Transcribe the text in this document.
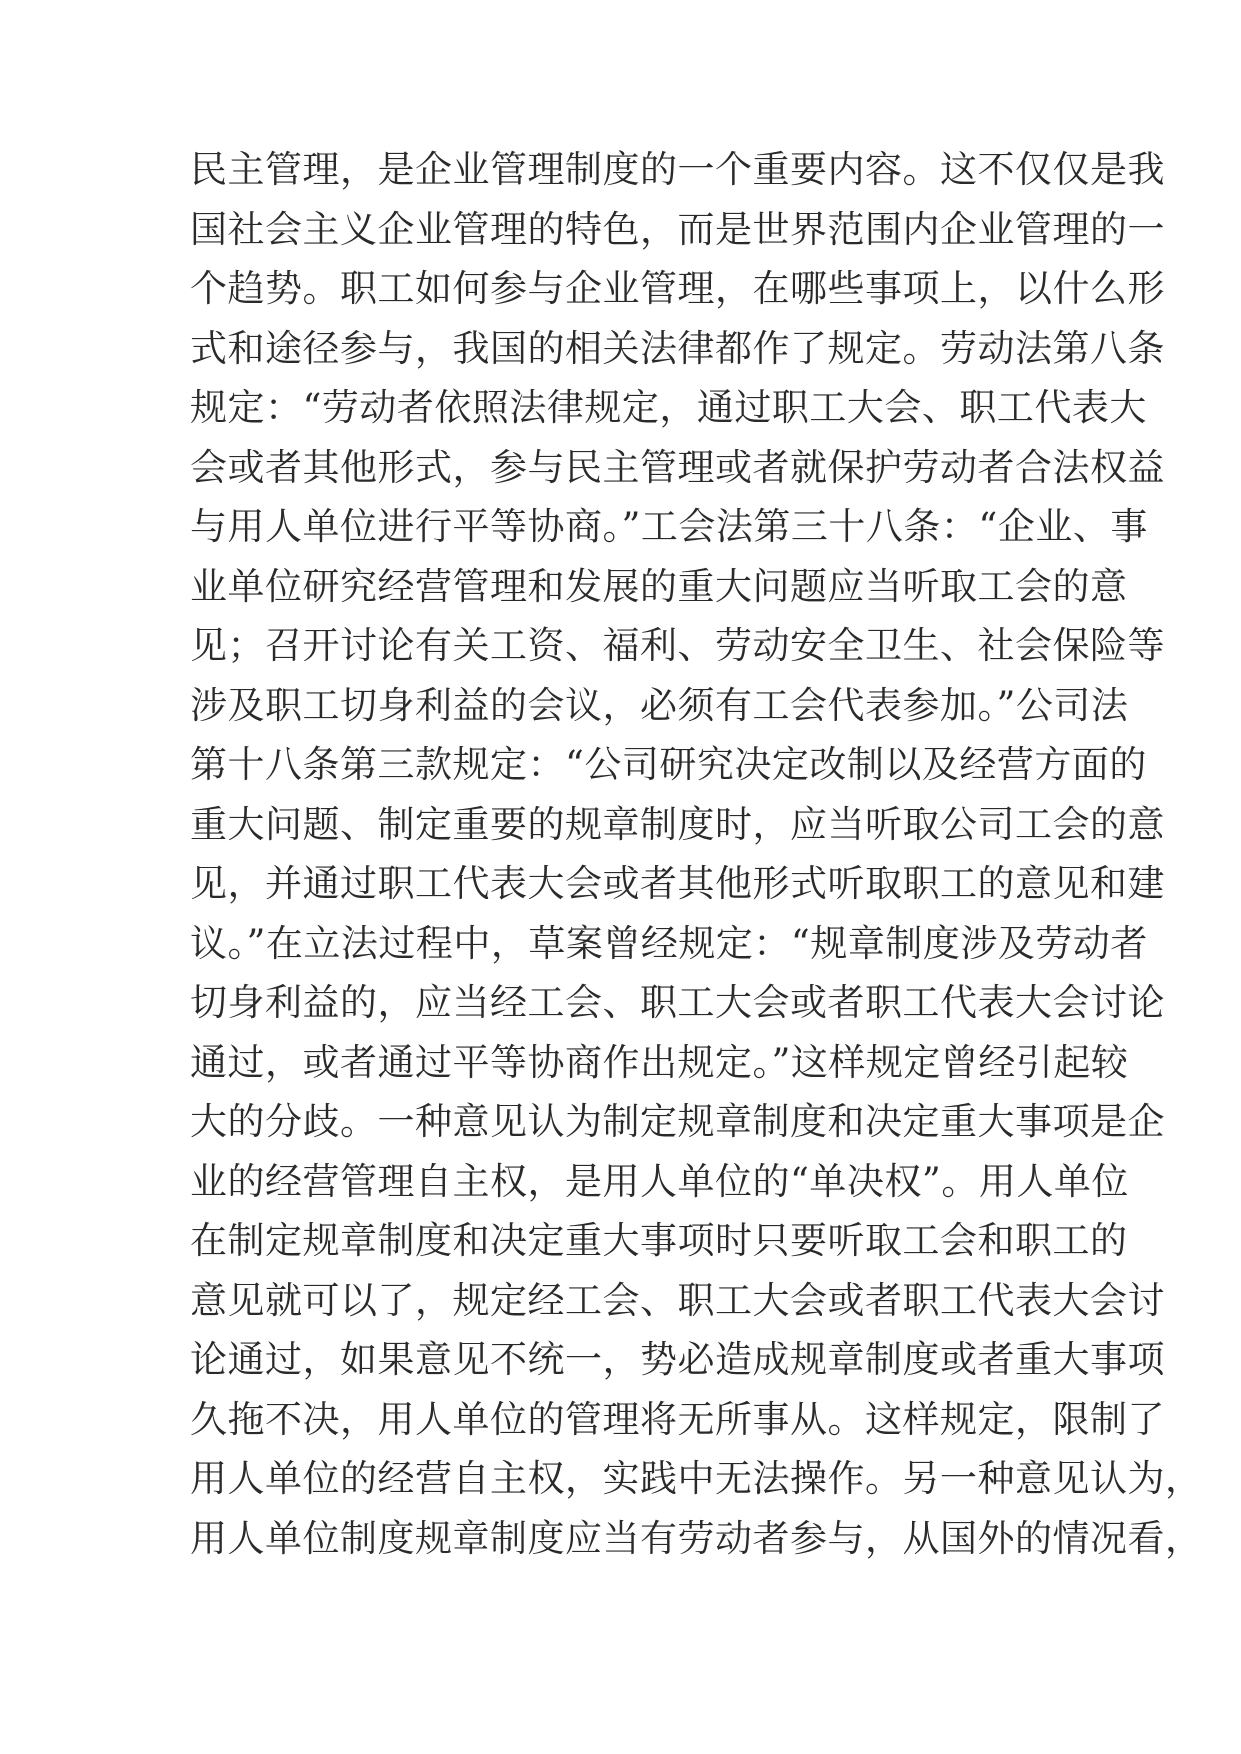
民主管理，是企业管理制度的一个重要内容。这不仅仅是我
国社会主义企业管理的特色，而是世界范围内企业管理的一
个趋势。职工如何参与企业管理，在哪些事项上，以什么形
式和途径参与，我国的相关法律都作了规定。劳动法第八条
规定：“劳动者依照法律规定，通过职工大会、职工代表大
会或者其他形式，参与民主管理或者就保护劳动者合法权益
与用人单位进行平等协商。”工会法第三十八条：“企业、事
业单位研究经营管理和发展的重大问题应当听取工会的意
见；召开讨论有关工资、福利、劳动安全卫生、社会保险等
涉及职工切身利益的会议，必须有工会代表参加。”公司法
第十八条第三款规定：“公司研究决定改制以及经营方面的
重大问题、制定重要的规章制度时，应当听取公司工会的意
见，并通过职工代表大会或者其他形式听取职工的意见和建
议。”在立法过程中，草案曾经规定：“规章制度涉及劳动者
切身利益的，应当经工会、职工大会或者职工代表大会讨论
通过，或者通过平等协商作出规定。”这样规定曾经引起较
大的分歧。一种意见认为制定规章制度和决定重大事项是企
业的经营管理自主权，是用人单位的“单决权”。用人单位
在制定规章制度和决定重大事项时只要听取工会和职工的
意见就可以了，规定经工会、职工大会或者职工代表大会讨
论通过，如果意见不统一，势必造成规章制度或者重大事项
久拖不决，用人单位的管理将无所事从。这样规定，限制了
用人单位的经营自主权，实践中无法操作。另一种意见认为，
用人单位制度规章制度应当有劳动者参与，从国外的情况看，
